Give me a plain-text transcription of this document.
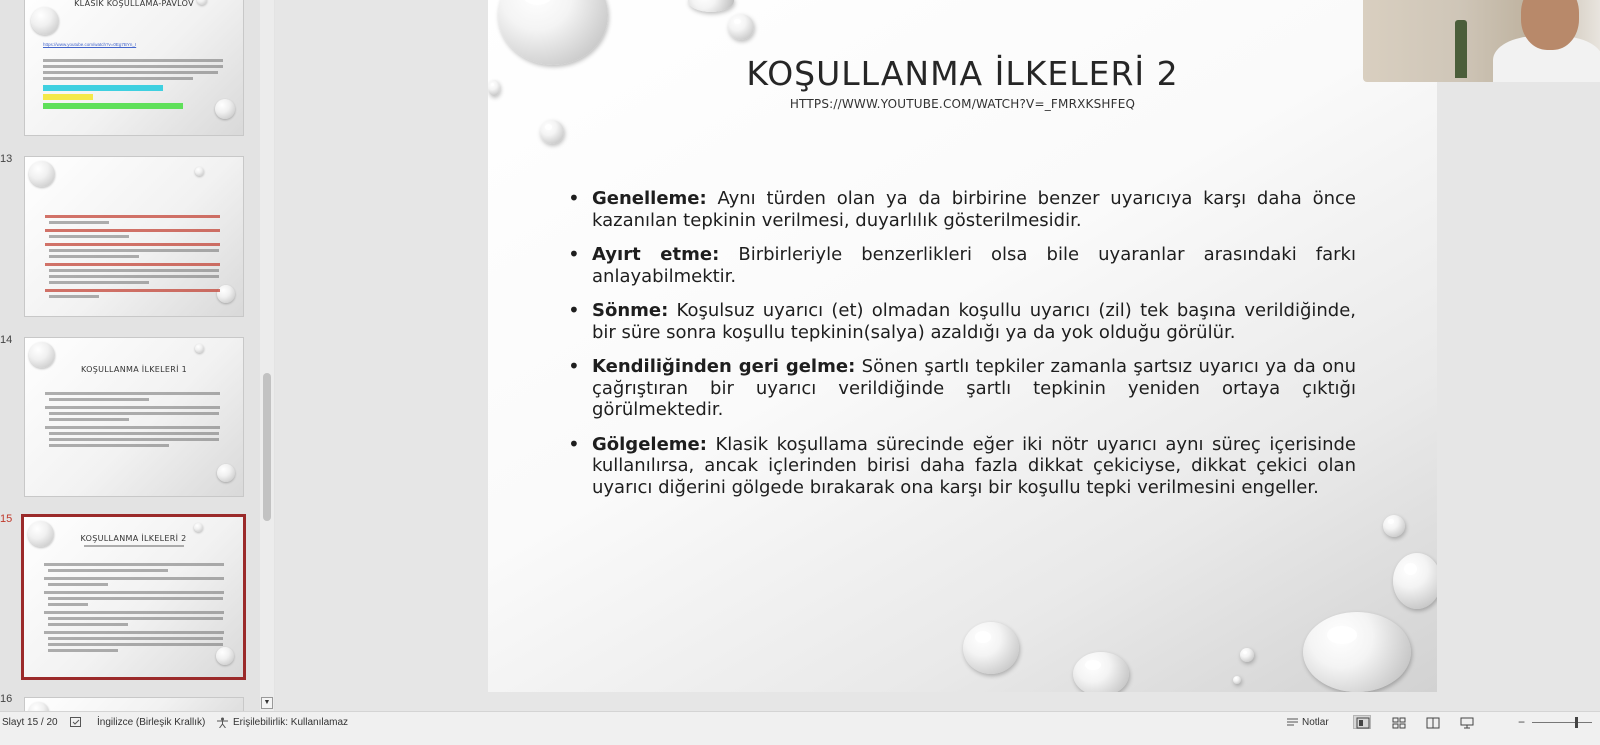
KLASİK KOŞULLAMA-PAVLOV
https://www.youtube.com/watch?v=0Eg7BYn_I
13
14
KOŞULLANMA İLKELERİ 1
15
KOŞULLANMA İLKELERİ 2
16	▼
KOŞULLANMA İLKELERİ 2
HTTPS://WWW.YOUTUBE.COM/WATCH?V=_FMRXKSHFEQ
• Genelleme: Aynı türden olan ya da birbirine benzer uyarıcıya karşı daha önce kazanılan tepkinin verilmesi, duyarlılık gösterilmesidir.
• Ayırt etme: Birbirleriyle benzerlikleri olsa bile uyaranlar arasındaki farkı anlayabilmektir.
• Sönme: Koşulsuz uyarıcı (et) olmadan koşullu uyarıcı (zil) tek başına verildiğinde, bir süre sonra koşullu tepkinin(salya) azaldığı ya da yok olduğu görülür.
• Kendiliğinden geri gelme: Sönen şartlı tepkiler zamanla şartsız uyarıcı ya da onu çağrıştıran bir uyarıcı verildiğinde şartlı tepkinin yeniden ortaya çıktığı görülmektedir.
• Gölgeleme: Klasik koşullama sürecinde eğer iki nötr uyarıcı aynı süreç içerisinde kullanılırsa, ancak içlerinden birisi daha fazla dikkat çekiciyse, dikkat çekici olan uyarıcı diğerini gölgede bırakarak ona karşı bir koşullu tepki verilmesini engeller.
Slayt 15 / 20	İngilizce (Birleşik Krallık)	Erişilebilirlik: Kullanılamaz	Notlar	−
